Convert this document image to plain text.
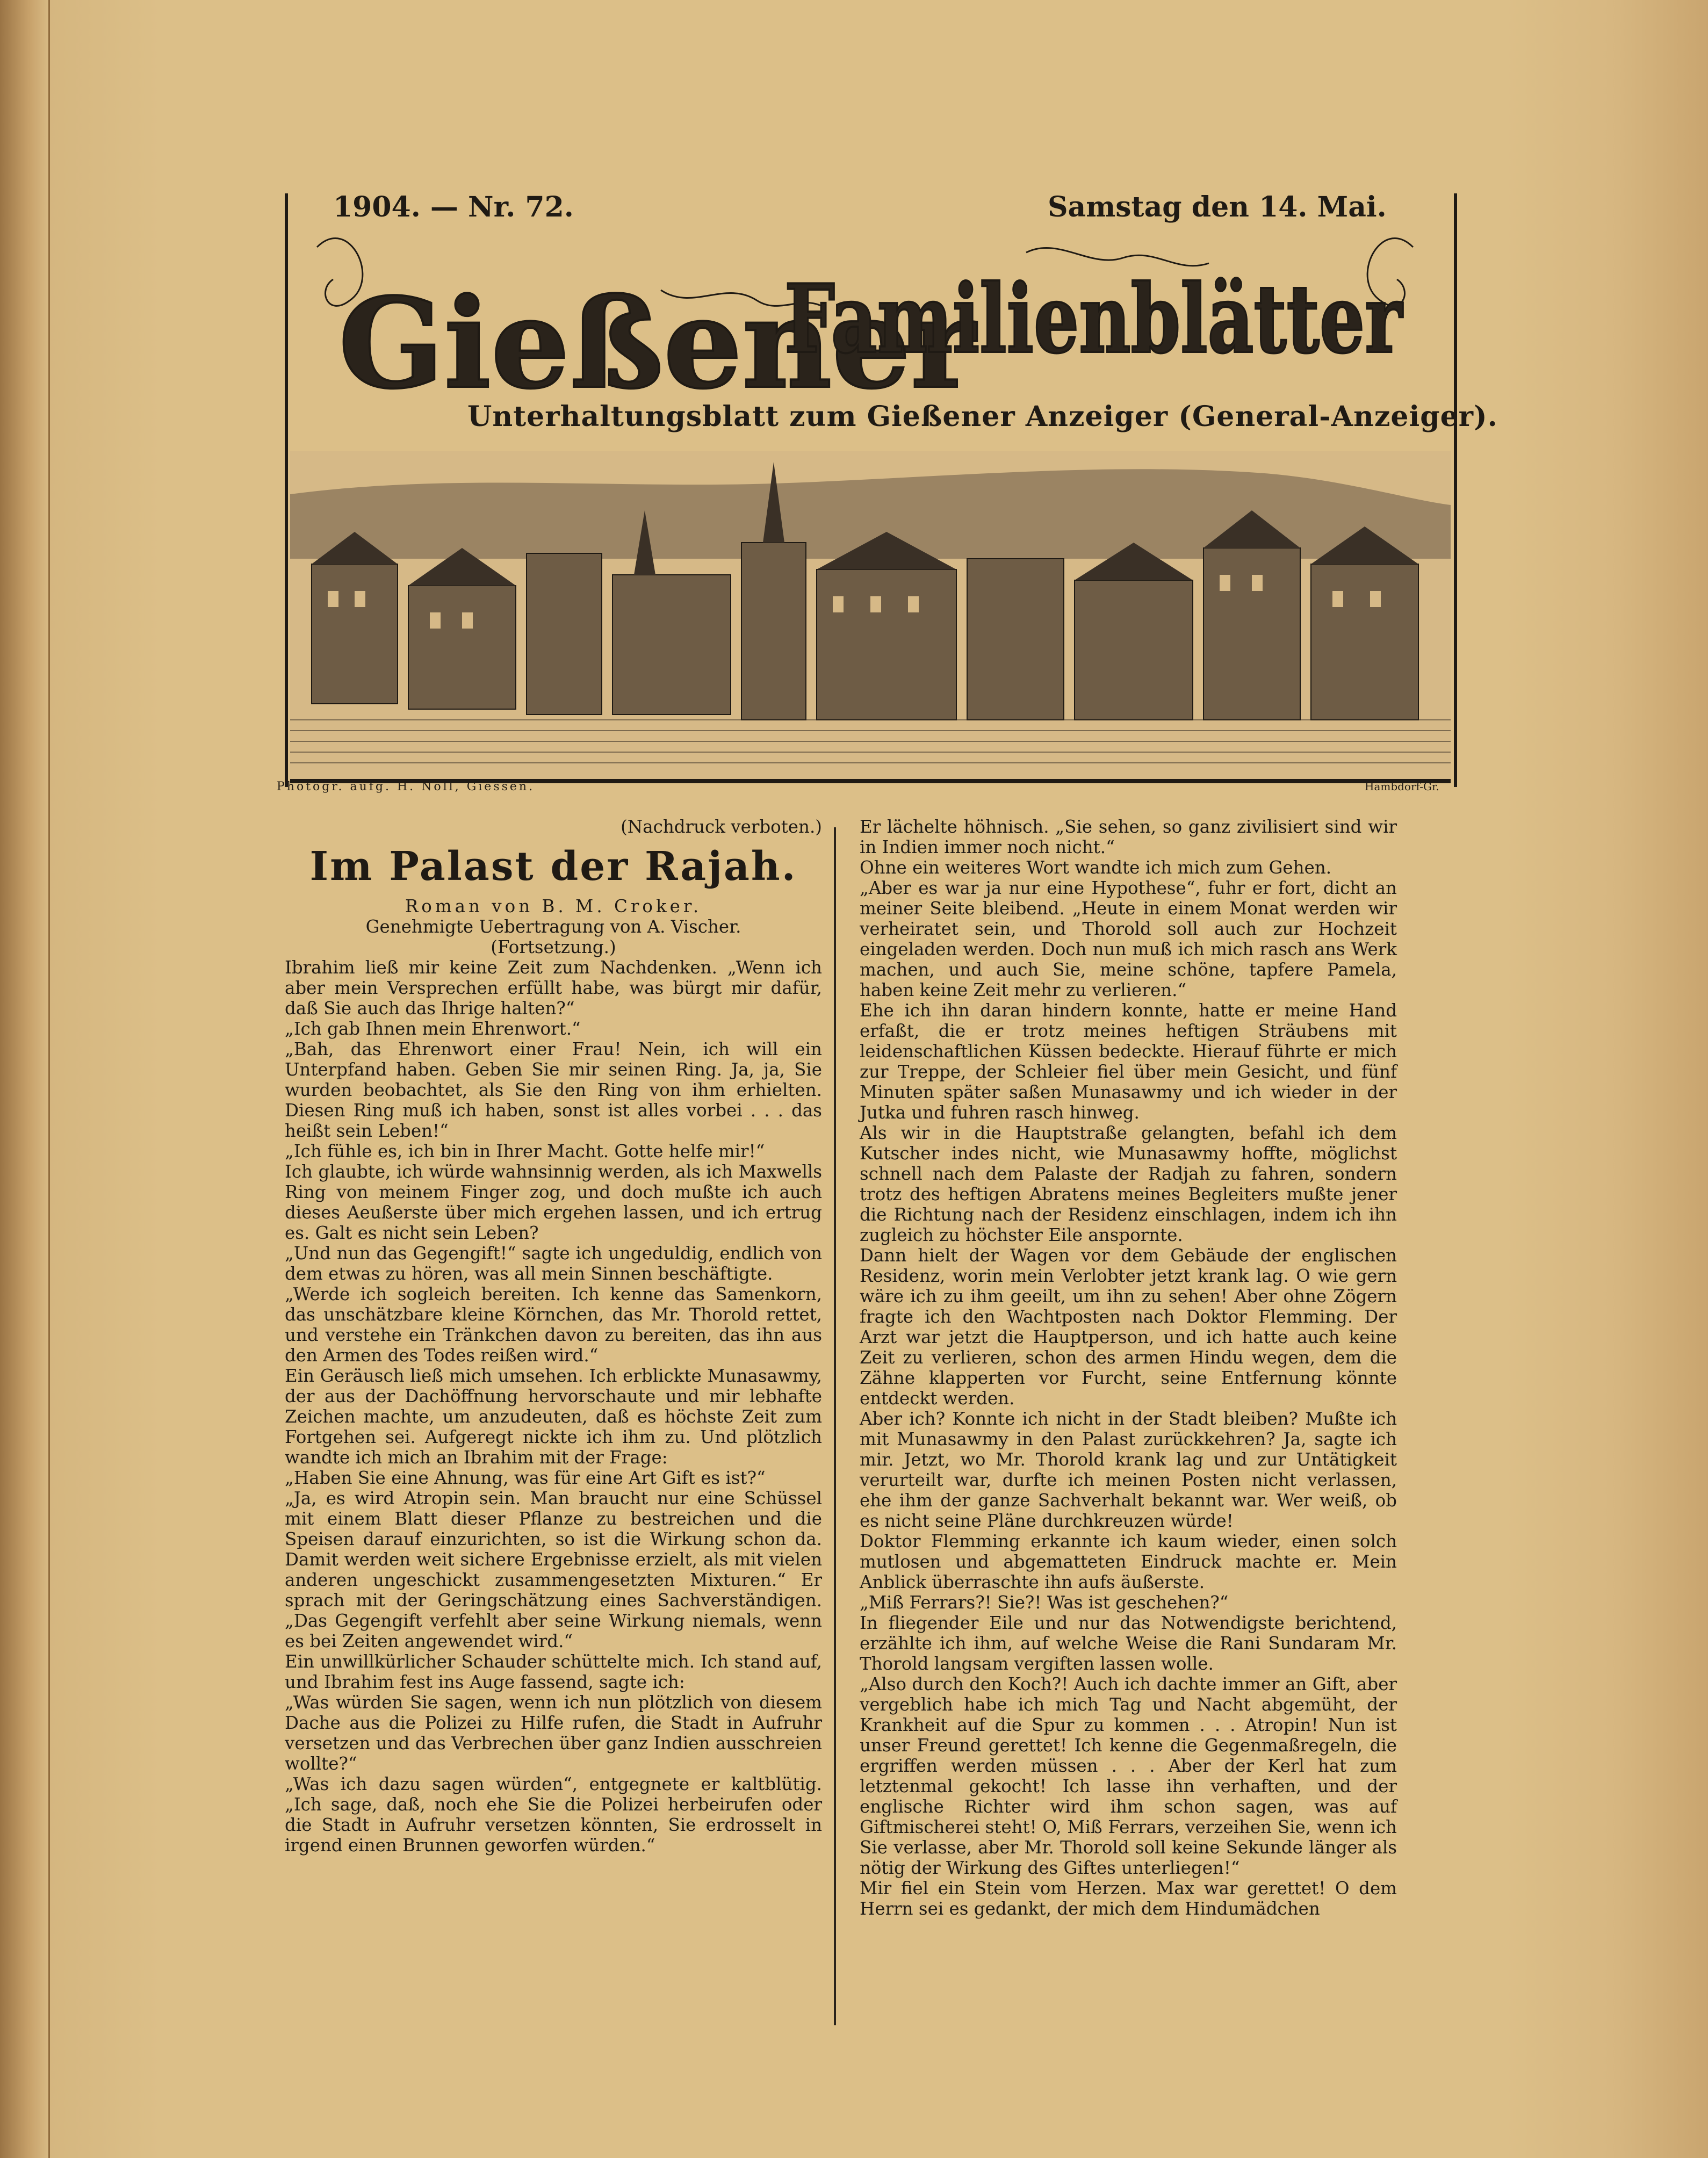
1904. — Nr. 72.	Samstag den 14. Mai.
Gießener
Familienblätter
Unterhaltungsblatt zum Gießener Anzeiger (General-Anzeiger).
Photogr. aufg. H. Noll, Giessen.	Hambdorf-Gr.

(Nachdruck verboten.)

Im Palast der Rajah.

Roman von B. M. Croker.

Genehmigte Uebertragung von A. Vischer.

(Fortsetzung.)

Ibrahim ließ mir keine Zeit zum Nachdenken. „Wenn ich aber mein Versprechen erfüllt habe, was bürgt mir dafür, daß Sie auch das Ihrige halten?“

„Ich gab Ihnen mein Ehrenwort.“

„Bah, das Ehrenwort einer Frau! Nein, ich will ein Unterpfand haben. Geben Sie mir seinen Ring. Ja, ja, Sie wurden beobachtet, als Sie den Ring von ihm erhielten. Diesen Ring muß ich haben, sonst ist alles vorbei . . . das heißt sein Leben!“

„Ich fühle es, ich bin in Ihrer Macht. Gotte helfe mir!“

Ich glaubte, ich würde wahnsinnig werden, als ich Maxwells Ring von meinem Finger zog, und doch mußte ich auch dieses Aeußerste über mich ergehen lassen, und ich ertrug es. Galt es nicht sein Leben?

„Und nun das Gegengift!“ sagte ich ungeduldig, endlich von dem etwas zu hören, was all mein Sinnen beschäftigte.

„Werde ich sogleich bereiten. Ich kenne das Samenkorn, das unschätzbare kleine Körnchen, das Mr. Thorold rettet, und verstehe ein Tränkchen davon zu bereiten, das ihn aus den Armen des Todes reißen wird.“

Ein Geräusch ließ mich umsehen. Ich erblickte Munasawmy, der aus der Dachöffnung hervorschaute und mir lebhafte Zeichen machte, um anzudeuten, daß es höchste Zeit zum Fortgehen sei. Aufgeregt nickte ich ihm zu. Und plötzlich wandte ich mich an Ibrahim mit der Frage:

„Haben Sie eine Ahnung, was für eine Art Gift es ist?“

„Ja, es wird Atropin sein. Man braucht nur eine Schüssel mit einem Blatt dieser Pflanze zu bestreichen und die Speisen darauf einzurichten, so ist die Wirkung schon da. Damit werden weit sichere Ergebnisse erzielt, als mit vielen anderen ungeschickt zusammengesetzten Mixturen.“ Er sprach mit der Geringschätzung eines Sachverständigen. „Das Gegengift verfehlt aber seine Wirkung niemals, wenn es bei Zeiten angewendet wird.“

Ein unwillkürlicher Schauder schüttelte mich. Ich stand auf, und Ibrahim fest ins Auge fassend, sagte ich:

„Was würden Sie sagen, wenn ich nun plötzlich von diesem Dache aus die Polizei zu Hilfe rufen, die Stadt in Aufruhr versetzen und das Verbrechen über ganz Indien ausschreien wollte?“

„Was ich dazu sagen würden“, entgegnete er kaltblütig. „Ich sage, daß, noch ehe Sie die Polizei herbeirufen oder die Stadt in Aufruhr versetzen könnten, Sie erdrosselt in irgend einen Brunnen geworfen würden.“

Er lächelte höhnisch. „Sie sehen, so ganz zivilisiert sind wir in Indien immer noch nicht.“

Ohne ein weiteres Wort wandte ich mich zum Gehen.

„Aber es war ja nur eine Hypothese“, fuhr er fort, dicht an meiner Seite bleibend. „Heute in einem Monat werden wir verheiratet sein, und Thorold soll auch zur Hochzeit eingeladen werden. Doch nun muß ich mich rasch ans Werk machen, und auch Sie, meine schöne, tapfere Pamela, haben keine Zeit mehr zu verlieren.“

Ehe ich ihn daran hindern konnte, hatte er meine Hand erfaßt, die er trotz meines heftigen Sträubens mit leidenschaftlichen Küssen bedeckte. Hierauf führte er mich zur Treppe, der Schleier fiel über mein Gesicht, und fünf Minuten später saßen Munasawmy und ich wieder in der Jutka und fuhren rasch hinweg.

Als wir in die Hauptstraße gelangten, befahl ich dem Kutscher indes nicht, wie Munasawmy hoffte, möglichst schnell nach dem Palaste der Radjah zu fahren, sondern trotz des heftigen Abratens meines Begleiters mußte jener die Richtung nach der Residenz einschlagen, indem ich ihn zugleich zu höchster Eile anspornte.

Dann hielt der Wagen vor dem Gebäude der englischen Residenz, worin mein Verlobter jetzt krank lag. O wie gern wäre ich zu ihm geeilt, um ihn zu sehen! Aber ohne Zögern fragte ich den Wachtposten nach Doktor Flemming. Der Arzt war jetzt die Hauptperson, und ich hatte auch keine Zeit zu verlieren, schon des armen Hindu wegen, dem die Zähne klapperten vor Furcht, seine Entfernung könnte entdeckt werden.

Aber ich? Konnte ich nicht in der Stadt bleiben? Mußte ich mit Munasawmy in den Palast zurückkehren? Ja, sagte ich mir. Jetzt, wo Mr. Thorold krank lag und zur Untätigkeit verurteilt war, durfte ich meinen Posten nicht verlassen, ehe ihm der ganze Sachverhalt bekannt war. Wer weiß, ob es nicht seine Pläne durchkreuzen würde!

Doktor Flemming erkannte ich kaum wieder, einen solch mutlosen und abgematteten Eindruck machte er. Mein Anblick überraschte ihn aufs äußerste.

„Miß Ferrars?! Sie?! Was ist geschehen?“

In fliegender Eile und nur das Notwendigste berichtend, erzählte ich ihm, auf welche Weise die Rani Sundaram Mr. Thorold langsam vergiften lassen wolle.

„Also durch den Koch?! Auch ich dachte immer an Gift, aber vergeblich habe ich mich Tag und Nacht abgemüht, der Krankheit auf die Spur zu kommen . . . Atropin! Nun ist unser Freund gerettet! Ich kenne die Gegenmaßregeln, die ergriffen werden müssen . . . Aber der Kerl hat zum letztenmal gekocht! Ich lasse ihn verhaften, und der englische Richter wird ihm schon sagen, was auf Giftmischerei steht! O, Miß Ferrars, verzeihen Sie, wenn ich Sie verlasse, aber Mr. Thorold soll keine Sekunde länger als nötig der Wirkung des Giftes unterliegen!“

Mir fiel ein Stein vom Herzen. Max war gerettet! O dem Herrn sei es gedankt, der mich dem Hindumädchen
